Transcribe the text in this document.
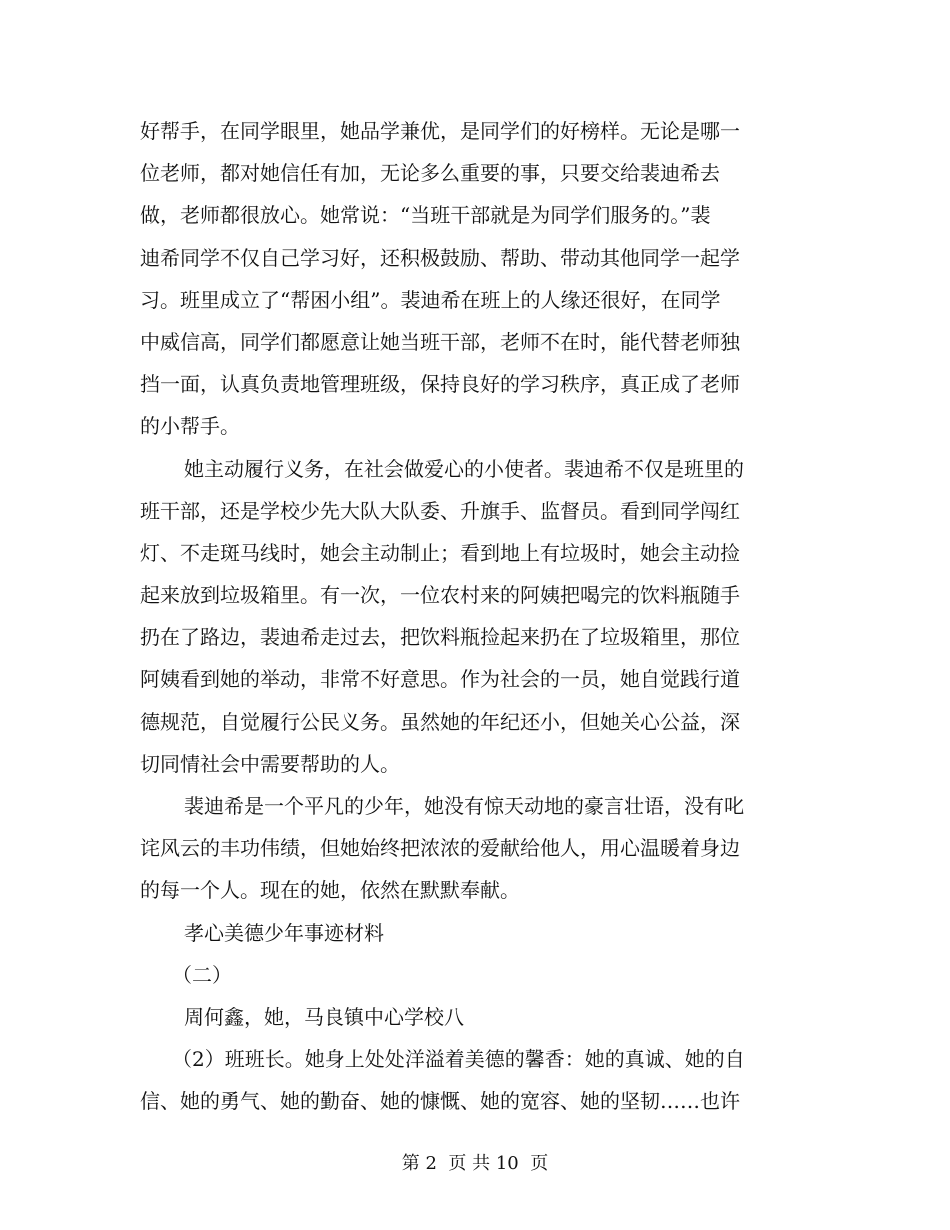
好帮手，在同学眼里，她品学兼优，是同学们的好榜样。无论是哪一
位老师，都对她信任有加，无论多么重要的事，只要交给裴迪希去
做，老师都很放心。她常说：“当班干部就是为同学们服务的。”裴
迪希同学不仅自己学习好，还积极鼓励、帮助、带动其他同学一起学
习。班里成立了“帮困小组”。裴迪希在班上的人缘还很好，在同学
中威信高，同学们都愿意让她当班干部，老师不在时，能代替老师独
挡一面，认真负责地管理班级，保持良好的学习秩序，真正成了老师
的小帮手。
她主动履行义务，在社会做爱心的小使者。裴迪希不仅是班里的
班干部，还是学校少先大队大队委、升旗手、监督员。看到同学闯红
灯、不走斑马线时，她会主动制止；看到地上有垃圾时，她会主动捡
起来放到垃圾箱里。有一次，一位农村来的阿姨把喝完的饮料瓶随手
扔在了路边，裴迪希走过去，把饮料瓶捡起来扔在了垃圾箱里，那位
阿姨看到她的举动，非常不好意思。作为社会的一员，她自觉践行道
德规范，自觉履行公民义务。虽然她的年纪还小，但她关心公益，深
切同情社会中需要帮助的人。
裴迪希是一个平凡的少年，她没有惊天动地的豪言壮语，没有叱
诧风云的丰功伟绩，但她始终把浓浓的爱献给他人，用心温暖着身边
的每一个人。现在的她，依然在默默奉献。
孝心美德少年事迹材料
（二）
周何鑫，她，马良镇中心学校八
（2）班班长。她身上处处洋溢着美德的馨香：她的真诚、她的自
信、她的勇气、她的勤奋、她的慷慨、她的宽容、她的坚韧……也许
第 2  页 共 10  页
